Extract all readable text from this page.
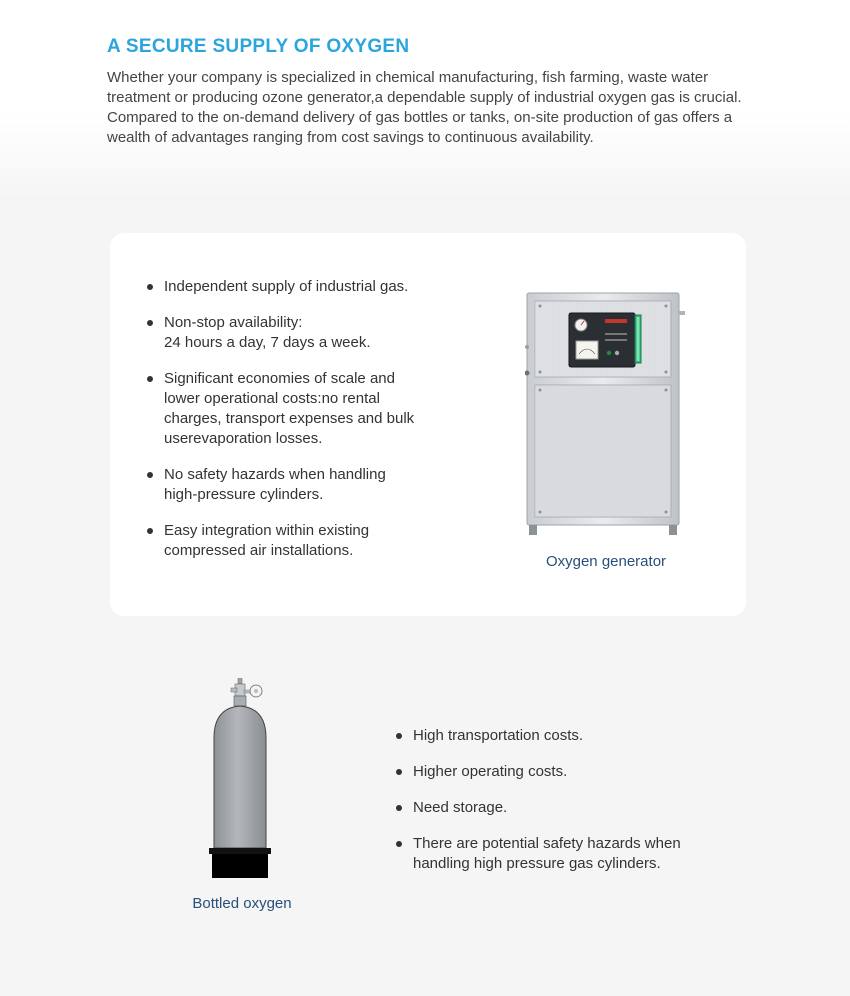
A SECURE SUPPLY OF OXYGEN

Whether your company is specialized in chemical manufacturing, fish farming, waste water treatment or producing ozone generator,a dependable supply of industrial oxygen gas is crucial. Compared to the on-demand delivery of gas bottles or tanks, on-site production of gas offers a wealth of advantages ranging from cost savings to continuous availability.

Independent supply of industrial gas.
Non-stop availability:
24 hours a day, 7 days a week.
Significant economies of scale and
lower operational costs:no rental
charges, transport expenses and bulk
userevaporation losses.
No safety hazards when handling
high-pressure cylinders.
Easy integration within existing
compressed air installations.
Oxygen generator
Bottled oxygen
High transportation costs.
Higher operating costs.
Need storage.
There are potential safety hazards when
handling high pressure gas cylinders.
